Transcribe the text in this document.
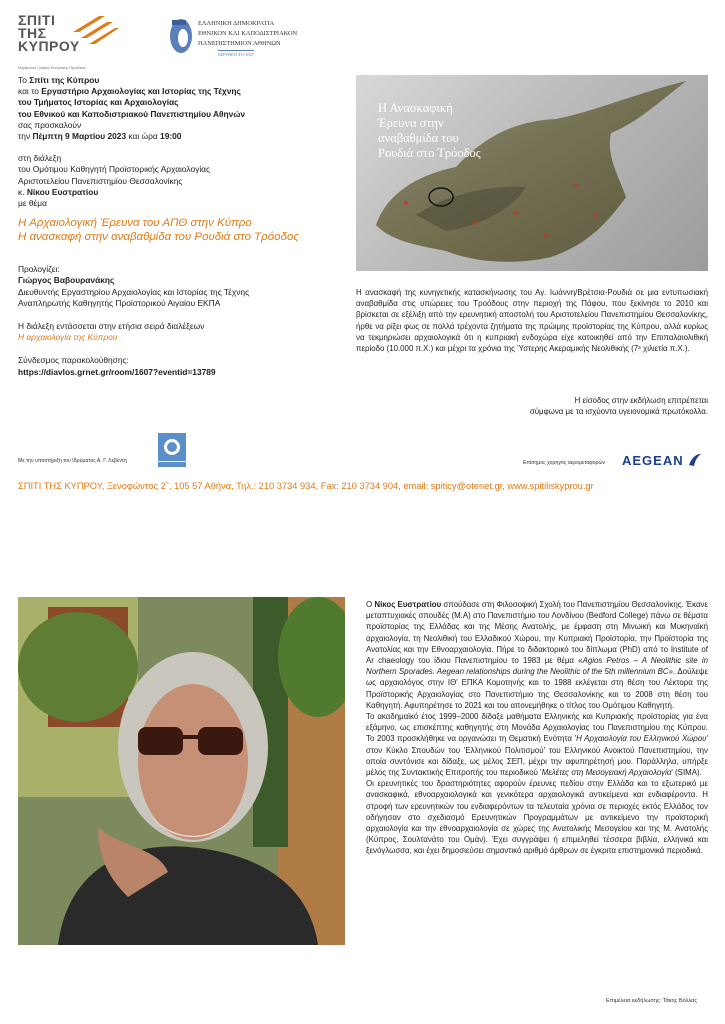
ΣΠΙΤΙ
ΤΗΣ
ΚΥΠΡΟΥ
Μορφωτικό Γραφείο Κυπριακής Πρεσβείας
ΕΛΛΗΝΙΚΗ ΔΗΜΟΚΡΑΤΙΑ
ΕΘΝΙΚΟΝ ΚΑΙ ΚΑΠΟΔΙΣΤΡΙΑΚΟΝ
ΠΑΝΕΠΙΣΤΗΜΙΟΝ ΑΘΗΝΩΝ
ΙΔΡΥΘΕΝ ΤΟ 1837

Το Σπίτι της Κύπρου

και το Εργαστήριο Αρχαιολογίας και Ιστορίας της Τέχνης

του Τμήματος Ιστορίας και Αρχαιολογίας

του Εθνικού και Καποδιστριακού Πανεπιστημίου Αθηνών

σας προσκαλούν

την Πέμπτη 9 Μαρτίου 2023 και ώρα 19:00

στη διάλεξη

του Ομότιμου Καθηγητή Προϊστορικής Αρχαιολογίας

Αριστοτελείου Πανεπιστημίου Θεσσαλονίκης

κ. Νίκου Ευστρατίου

με θέμα

Η Αρχαιολογική Έρευνα του ΑΠΘ στην Κύπρο

Η ανασκαφή στην αναβαθμίδα του Ρουδιά στο Τρόοδος

Προλογίζει:

Γιώργος Βαβουρανάκης

Διευθυντής Εργαστηρίου Αρχαιολογίας και Ιστορίας της Τέχνης

Αναπληρωτής Καθηγητής Προϊστορικού Αιγαίου ΕΚΠΑ

Η διάλεξη εντάσσεται στην ετήσια σειρά διαλέξεων

Η αρχαιολογία της Κύπρου

Σύνδεσμος παρακολούθησης:

https://diavlos.grnet.gr/room/1607?eventid=13789

Η Ανασκαφική Έρευνα στην αναβαθμίδα του Ρουδιά στο Τρόοδος
Η ανασκαφή της κυνηγετικής κατασκήνωσης του Αγ. Ιωάννη/Βρέτσια-Ρουδιά σε μια εντυπωσιακή αναβαθμίδα στις υπώρειες του Τροόδους στην περιοχή της Πάφου, που ξεκίνησε το 2010 και βρίσκεται σε εξέλιξη από την ερευνητική αποστολή του Αριστοτελείου Πανεπιστημίου Θεσσαλονίκης, ήρθε να ρίξει φως σε πολλά τρέχοντα ζητήματα της πρώιμης προϊστορίας της Κύπρου, αλλά κυρίως να τεκμηριώσει αρχαιολογικά ότι η κυπριακή ενδοχώρα είχε κατοικηθεί από την Επιπαλαιολιθική περίοδο (10.000 π.Χ.) και μέχρι τα χρόνια της Ύστερης Ακεραμικής Νεολιθικής (7ˢ χιλιετία π.Χ.).
Η είσοδος στην εκδήλωση επιτρέπεται
σύμφωνα με τα ισχύοντα υγειονομικά πρωτόκολλα.
Με την υποστήριξη του Ιδρύματος Α. Γ. Λεβέντη	Επίσημος χορηγός αερομεταφορών AEGEAN
ΣΠΙΤΙ ΤΗΣ ΚΥΠΡΟΥ, Ξενοφώντος 2ˆ, 105 57 Αθήνα, Τηλ.: 210 3734 934, Fax: 210 3734 904, email: spiticy@otenet.gr, www.spitiliskyprou.gr

Ο Νίκος Ευστρατίου σπούδασε στη Φιλοσοφική Σχολή του Πανεπιστημίου Θεσσαλονίκης. Έκανε μεταπτυχιακές σπουδές (Μ.Α) στο Πανεπιστήμιο του Λονδίνου (Bedford College) πάνω σε θέματα προϊστορίας της Ελλάδας και της Μέσης Ανατολής, με έμφαση στη Μινωική και Μυκηναϊκή αρχαιολογία, τη Νεολιθική του Ελλαδικού Χώρου, την Κυπριακή Προϊστορία, την Προϊστορία της Ανατολίας και την Εθνοαρχαιολογία. Πήρε το διδακτορικό του δίπλωμα (PhD) από το Institute of Ar chaeology του ίδιου Πανεπιστημίου το 1983 με θέμα «Agios Petros – A Neolithic site in Northern Sporades. Aegean relationships during the Neolithic of the 5th millennium BC». Δούλεψε ως αρχαιολόγος στην ΙΘ' ΕΠΚΑ Κομοτηνής και το 1988 εκλέγεται στη θέση του Λέκτορα της Προϊστορικής Αρχαιολογίας στο Πανεπιστήμιο της Θεσσαλονίκης και το 2008 στη θέση του Καθηγητή. Αφυπηρέτησε το 2021 και του απονεμήθηκε ο τίτλος του Ομότιμου Καθηγητή.

Το ακαδημαϊκό έτος 1999–2000 δίδαξε μαθήματα Ελληνικής και Κυπριακής προϊστορίας για ένα εξάμηνο, ως επισκέπτης καθηγητής στη Μονάδα Αρχαιολογίας του Πανεπιστημίου της Κύπρου. Το 2003 προσκλήθηκε να οργανώσει τη Θεματική Ενότητα 'Η Αρχαιολογία του Ελληνικού Χώρου' στον Κύκλο Σπουδών του 'Ελληνικού Πολιτισμού' του Ελληνικού Ανοικτού Πανεπιστημίου, την οποία συντόνισε και δίδαξε, ως μέλος ΣΕΠ, μέχρι την αφυπηρέτησή μου. Παράλληλα, υπήρξε μέλος της Συντακτικής Επιτροπής του περιοδικού 'Μελέτες στη Μεσογειακή Αρχαιολογία' (SIMA).

Οι ερευνητικές του δραστηριότητες αφορούν έρευνες πεδίου στην Ελλάδα και το εξωτερικό με ανασκαφικά, εθνοαρχαιολογικά και γενικότερα αρχαιολογικά αντικείμενα και ενδιαφέροντα. Η στροφή των ερευνητικών του ενδιαφερόντων τα τελευταία χρόνια σε περιοχές εκτός Ελλάδος τον οδήγησαν στο σχεδιασμό Ερευνητικών Προγραμμάτων με αντικείμενο την προϊστορική αρχαιολογία και την εθνοαρχαιολογία σε χώρες της Ανατολικής Μεσογείου και της Μ. Ανατολής (Κύπρος, Σουλτανάτο του Ομάν). Έχει συγγράψει ή επιμεληθεί τέσσερα βιβλία, ελληνικά και ξενόγλωσσα, και έχει δημοσιεύσει σημαντικό αριθμό άρθρων σε έγκριτα επιστημονικά περιοδικά.

Επιμέλεια εκδήλωσης: Τάκης Βόλλας
